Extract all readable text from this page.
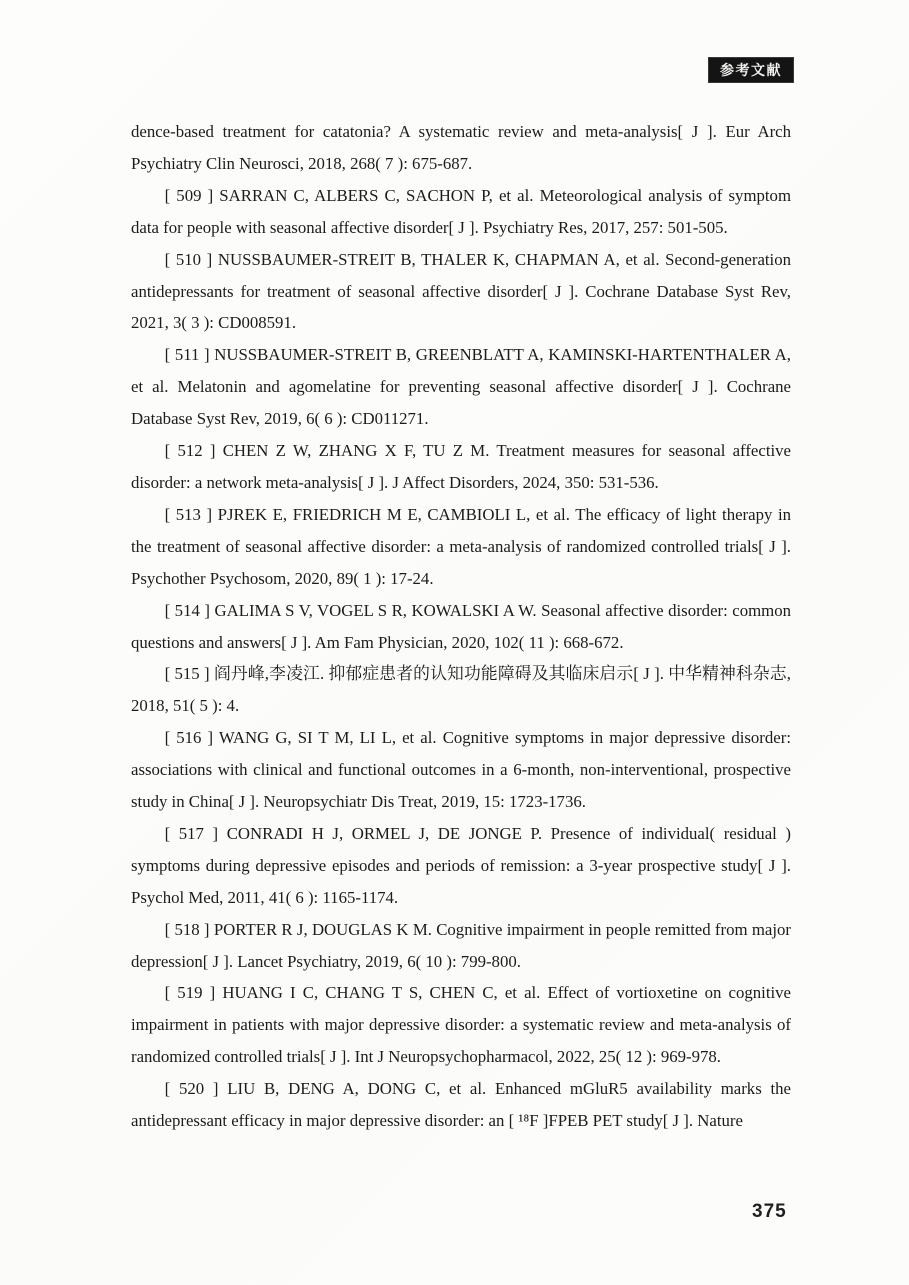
参考文献

dence-based treatment for catatonia? A systematic review and meta-analysis[ J ]. Eur Arch Psychiatry Clin Neurosci, 2018, 268( 7 ): 675-687.

[ 509 ] SARRAN C, ALBERS C, SACHON P, et al. Meteorological analysis of symptom data for people with seasonal affective disorder[ J ]. Psychiatry Res, 2017, 257: 501-505.

[ 510 ] NUSSBAUMER-STREIT B, THALER K, CHAPMAN A, et al. Second-generation antidepressants for treatment of seasonal affective disorder[ J ]. Cochrane Database Syst Rev, 2021, 3( 3 ): CD008591.

[ 511 ] NUSSBAUMER-STREIT B, GREENBLATT A, KAMINSKI-HARTENTHALER A, et al. Melatonin and agomelatine for preventing seasonal affective disorder[ J ]. Cochrane Database Syst Rev, 2019, 6( 6 ): CD011271.

[ 512 ] CHEN Z W, ZHANG X F, TU Z M. Treatment measures for seasonal affective disorder: a network meta-analysis[ J ]. J Affect Disorders, 2024, 350: 531-536.

[ 513 ] PJREK E, FRIEDRICH M E, CAMBIOLI L, et al. The efficacy of light therapy in the treatment of seasonal affective disorder: a meta-analysis of randomized controlled trials[ J ]. Psychother Psychosom, 2020, 89( 1 ): 17-24.

[ 514 ] GALIMA S V, VOGEL S R, KOWALSKI A W. Seasonal affective disorder: common questions and answers[ J ]. Am Fam Physician, 2020, 102( 11 ): 668-672.

[ 515 ] 阎丹峰,李凌江. 抑郁症患者的认知功能障碍及其临床启示[ J ]. 中华精神科杂志, 2018, 51( 5 ): 4.

[ 516 ] WANG G, SI T M, LI L, et al. Cognitive symptoms in major depressive disorder: associations with clinical and functional outcomes in a 6-month, non-interventional, prospective study in China[ J ]. Neuropsychiatr Dis Treat, 2019, 15: 1723-1736.

[ 517 ] CONRADI H J, ORMEL J, DE JONGE P. Presence of individual( residual ) symptoms during depressive episodes and periods of remission: a 3-year prospective study[ J ]. Psychol Med, 2011, 41( 6 ): 1165-1174.

[ 518 ] PORTER R J, DOUGLAS K M. Cognitive impairment in people remitted from major depression[ J ]. Lancet Psychiatry, 2019, 6( 10 ): 799-800.

[ 519 ] HUANG I C, CHANG T S, CHEN C, et al. Effect of vortioxetine on cognitive impairment in patients with major depressive disorder: a systematic review and meta-analysis of randomized controlled trials[ J ]. Int J Neuropsychopharmacol, 2022, 25( 12 ): 969-978.

[ 520 ] LIU B, DENG A, DONG C, et al. Enhanced mGluR5 availability marks the antidepressant efficacy in major depressive disorder: an [ ¹⁸F ]FPEB PET study[ J ]. Nature

375
